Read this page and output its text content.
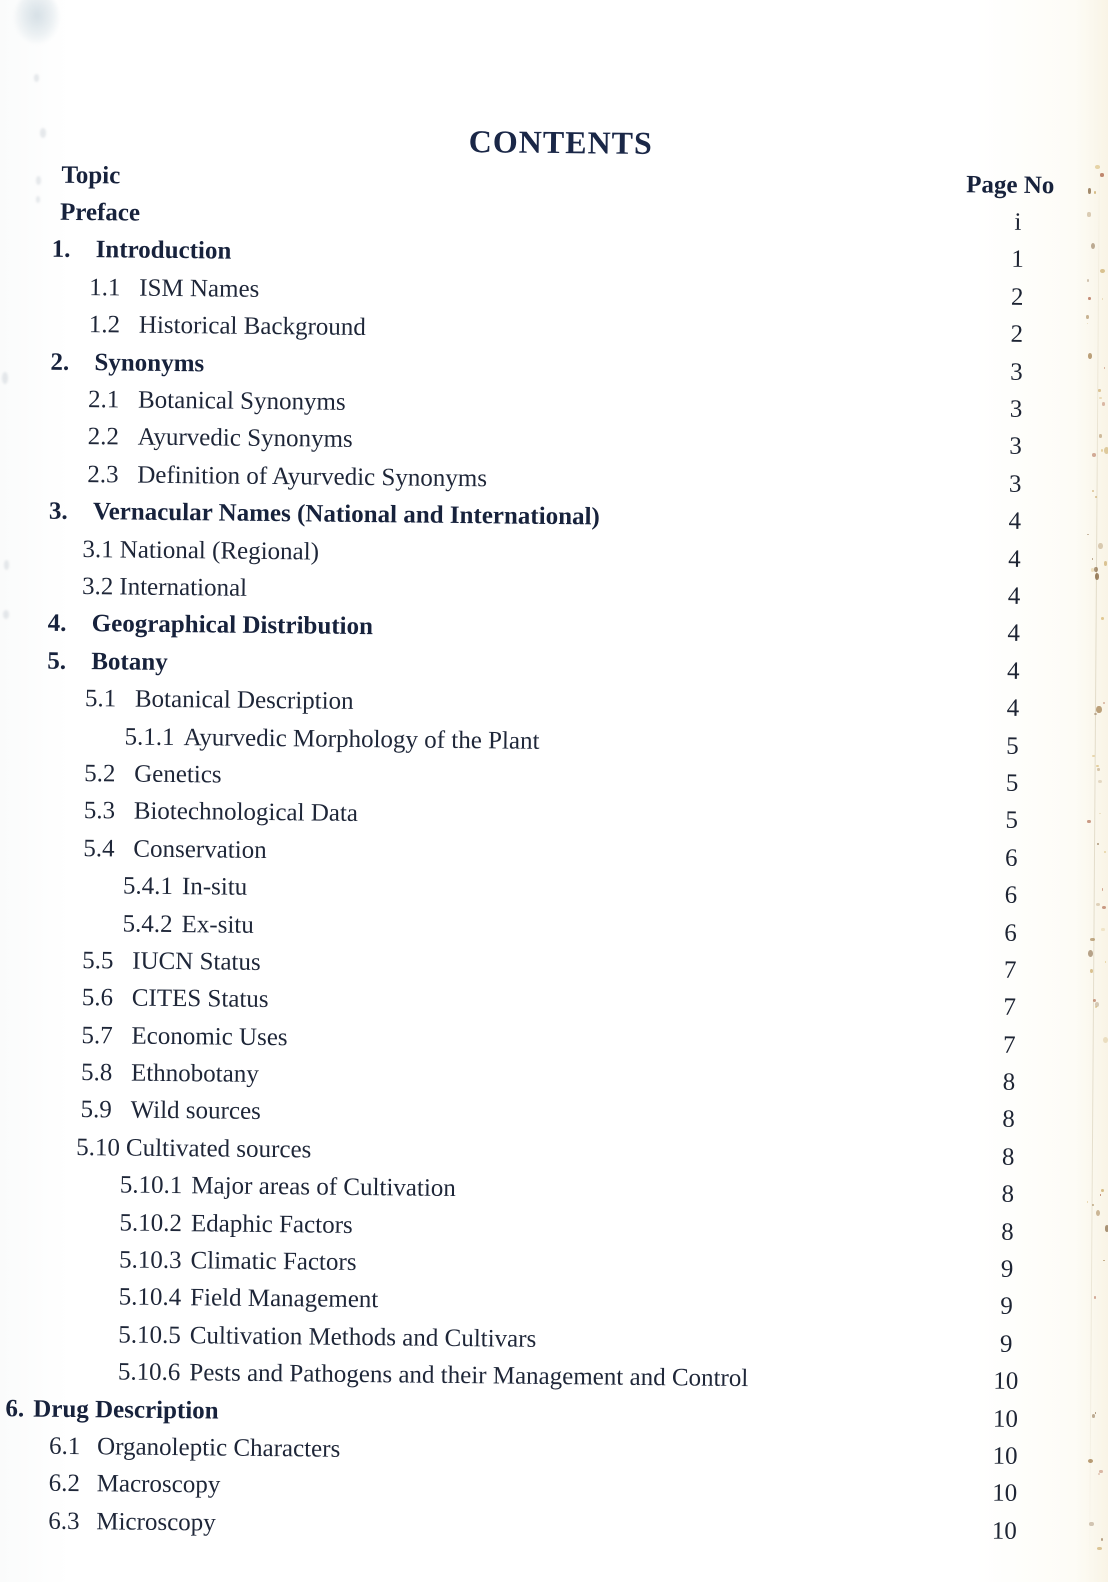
CONTENTS
Topic	Page No
Preface	i
1. Introduction	1
1.1 ISM Names	2
1.2 Historical Background	2
2. Synonyms	3
2.1 Botanical Synonyms	3
2.2 Ayurvedic Synonyms	3
2.3 Definition of Ayurvedic Synonyms	3
3. Vernacular Names (National and International)	4
3.1 National (Regional)	4
3.2 International	4
4. Geographical Distribution	4
5. Botany	4
5.1 Botanical Description	4
5.1.1 Ayurvedic Morphology of the Plant	5
5.2 Genetics	5
5.3 Biotechnological Data	5
5.4 Conservation	6
5.4.1 In-situ	6
5.4.2 Ex-situ	6
5.5 IUCN Status	7
5.6 CITES Status	7
5.7 Economic Uses	7
5.8 Ethnobotany	8
5.9 Wild sources	8
5.10 Cultivated sources	8
5.10.1 Major areas of Cultivation	8
5.10.2 Edaphic Factors	8
5.10.3 Climatic Factors	9
5.10.4 Field Management	9
5.10.5 Cultivation Methods and Cultivars	9
5.10.6 Pests and Pathogens and their Management and Control	10
6. Drug Description	10
6.1 Organoleptic Characters	10
6.2 Macroscopy	10
6.3 Microscopy	10
